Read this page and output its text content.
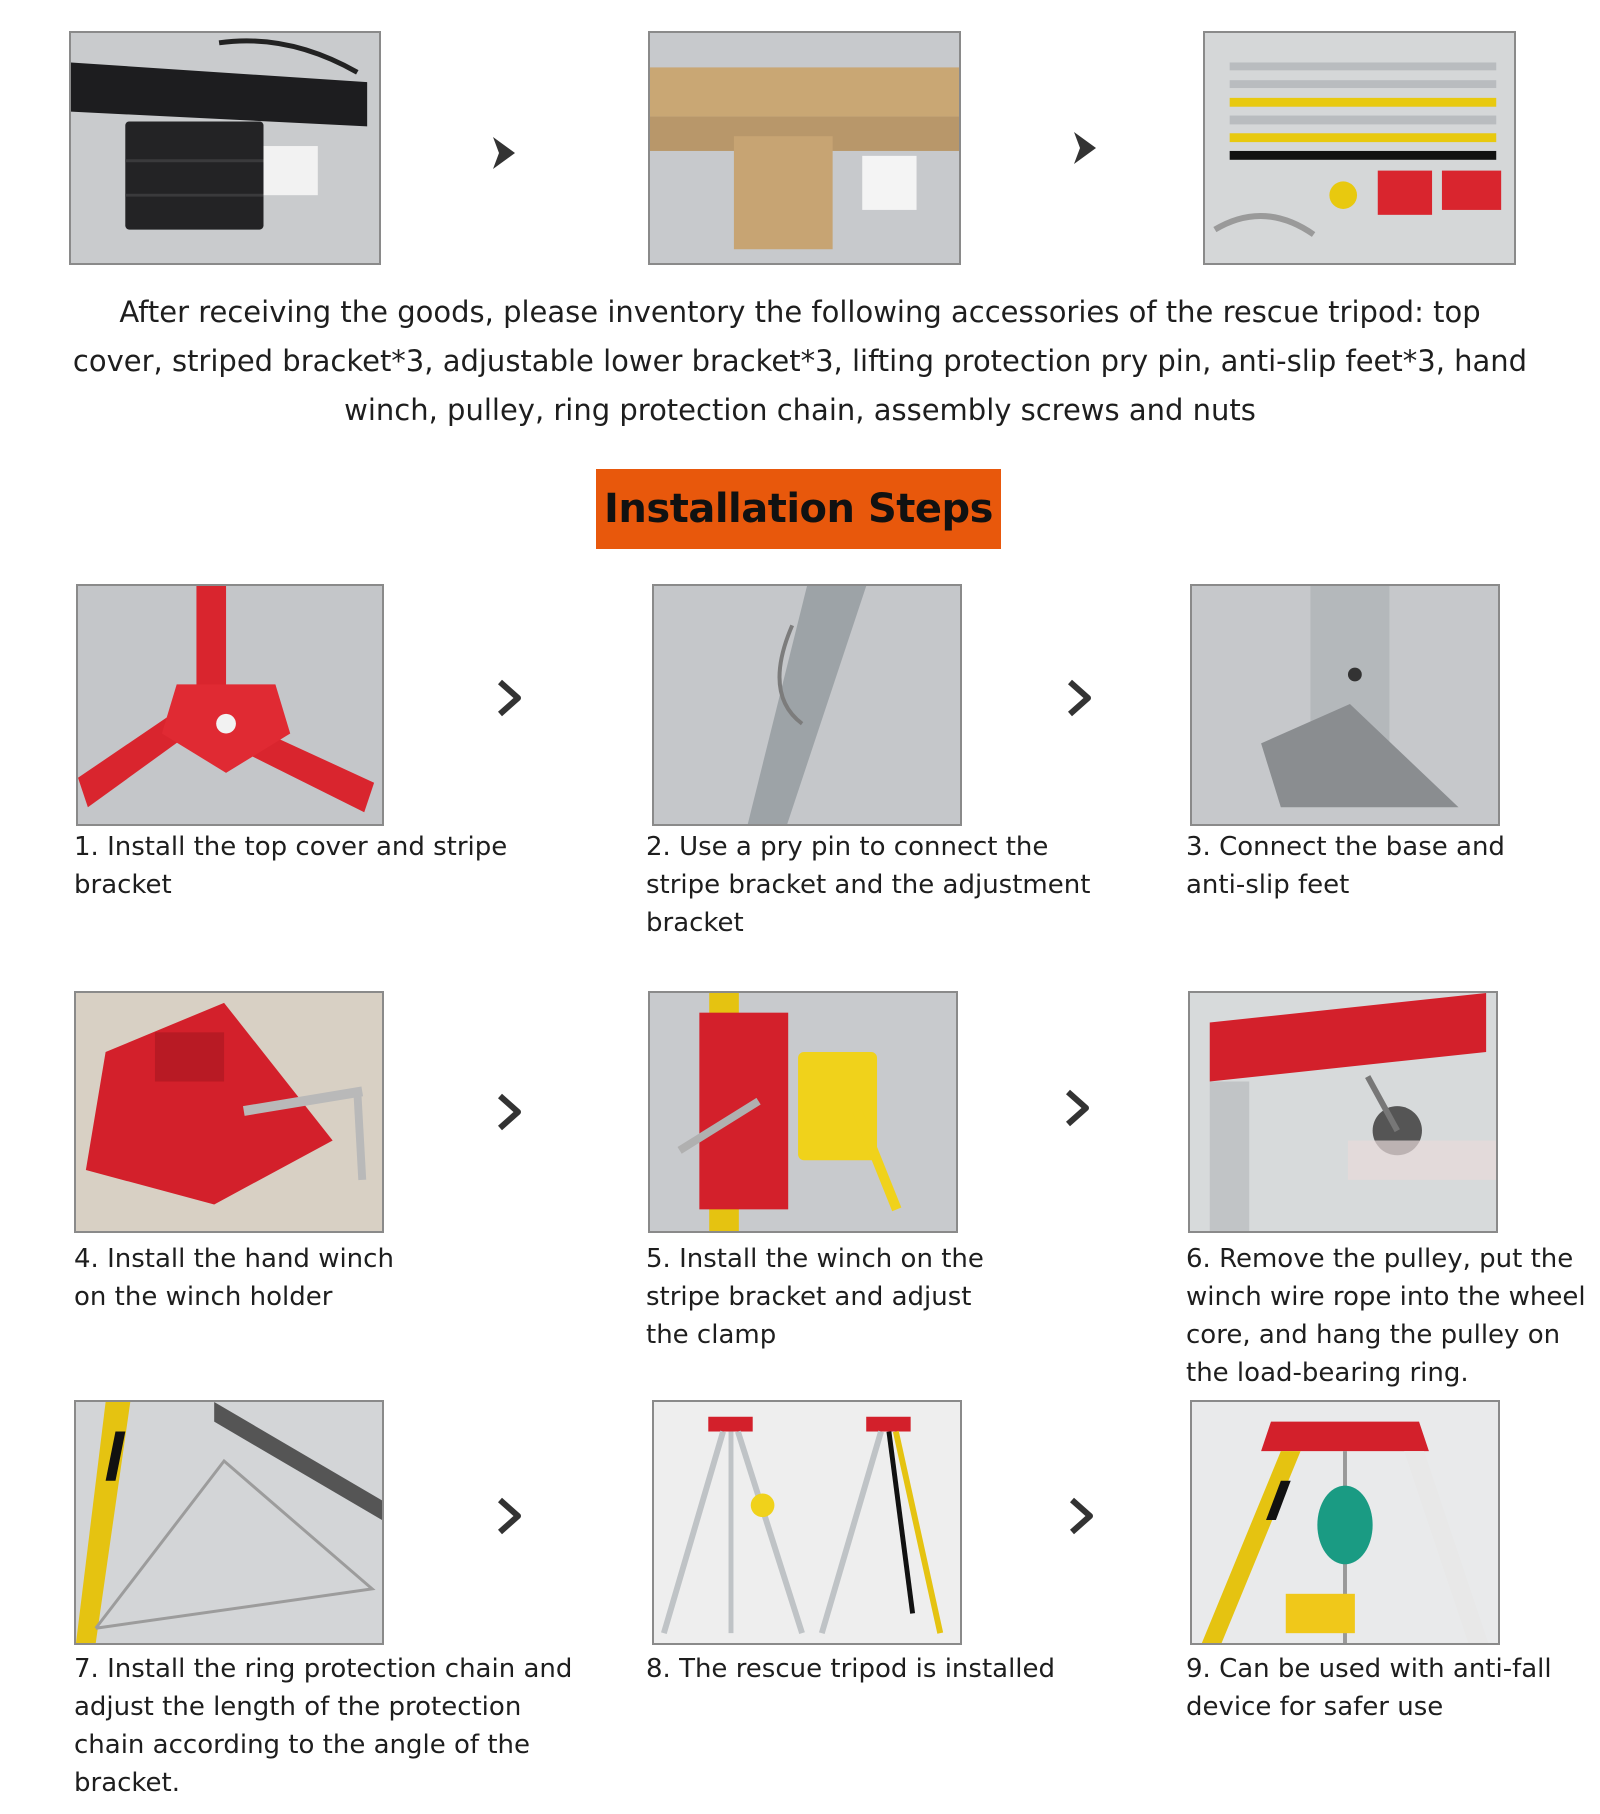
After receiving the goods, please inventory the following accessories of the rescue tripod: top cover, striped bracket*3, adjustable lower bracket*3, lifting protection pry pin, anti-slip feet*3, hand winch, pulley, ring protection chain, assembly screws and nuts
Installation Steps
1. Install the top cover and stripe bracket
2. Use a pry pin to connect the stripe bracket and the adjustment bracket
3. Connect the base and anti-slip feet
4. Install the hand winch on the winch holder
5. Install the winch on the stripe bracket and adjust the clamp
6. Remove the pulley, put the winch wire rope into the wheel core, and hang the pulley on the load-bearing ring.
7. Install the ring protection chain and adjust the length of the protection chain according to the angle of the bracket.
8. The rescue tripod is installed	9. Can be used with anti-fall device for safer use
